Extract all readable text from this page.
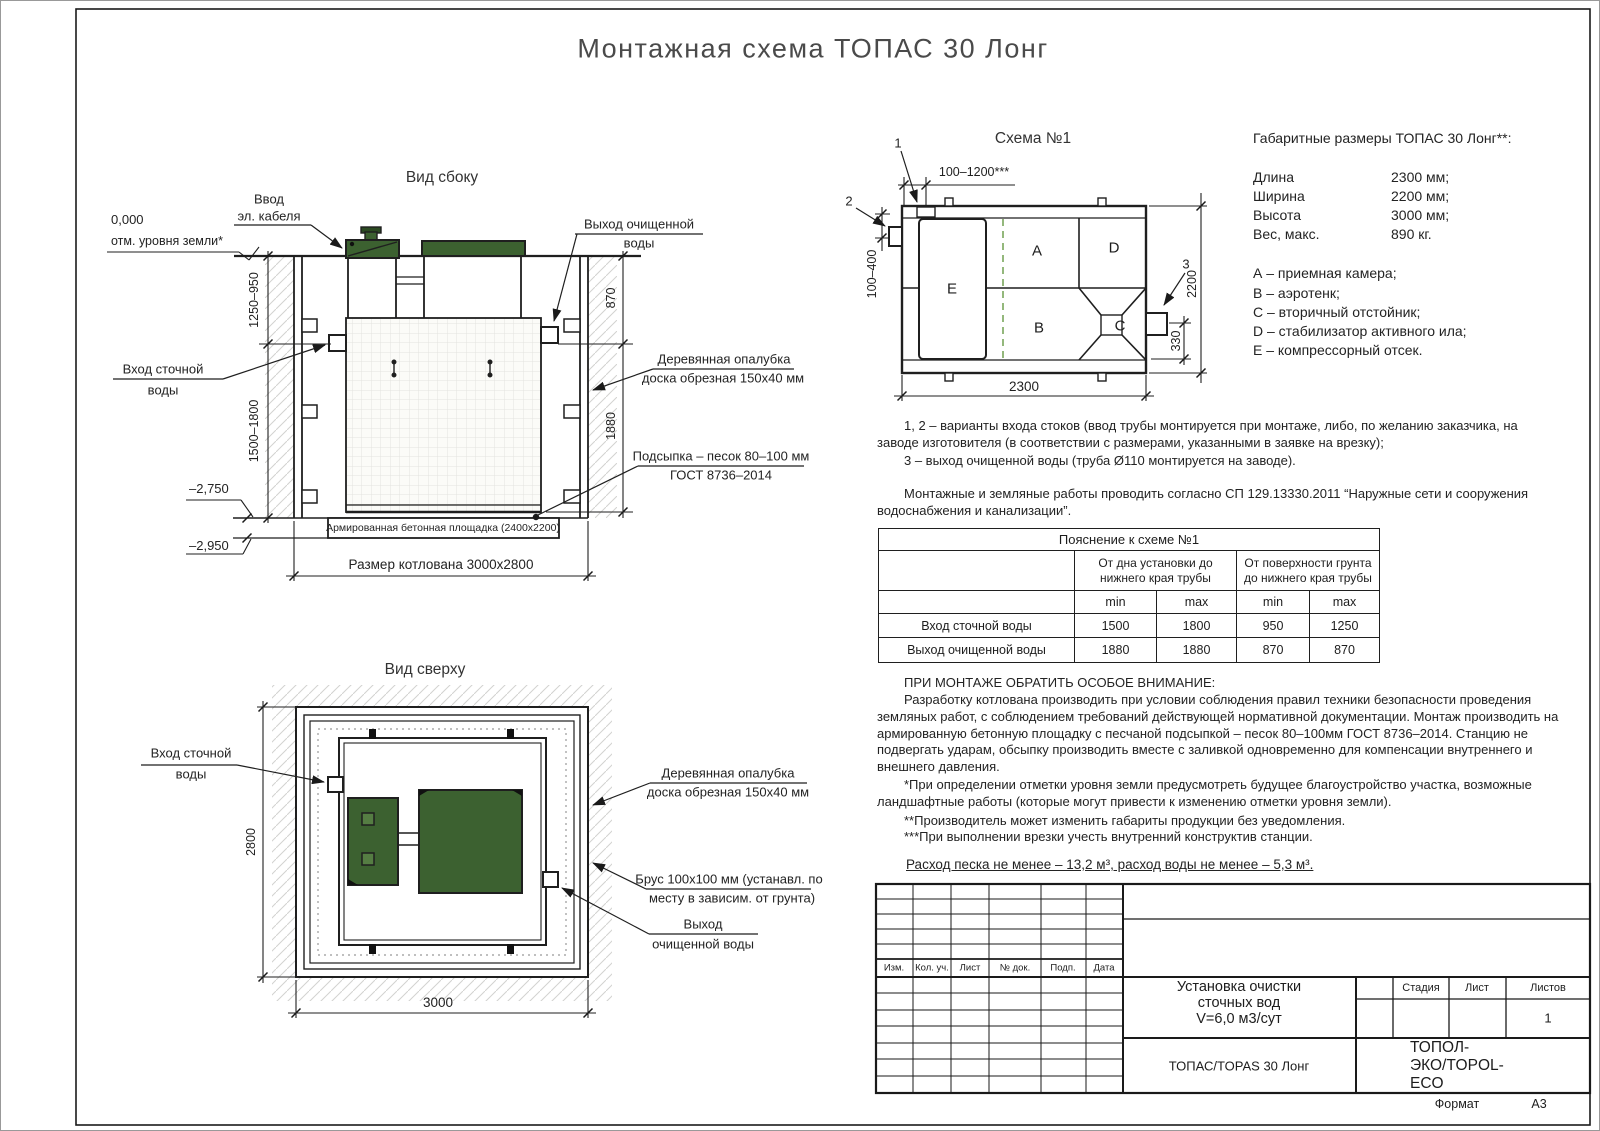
Монтажная схема ТОПАС 30 Лонг
Вид сбоку
0,000
отм. уровня земли*
Ввод
эл. кабеля
Вход сточной
воды
Выход очищенной
воды
Деревянная опалубка
доска обрезная 150х40 мм
Подсыпка – песок 80–100 мм
ГОСТ 8736–2014
Армированная бетонная площадка (2400х2200)
Размер котлована 3000х2800
–2,750
–2,950
1250–950
1500–1800
870
1880
Вид сверху
Вход сточной
воды	Деревянная опалубка
доска обрезная 150х40 мм
Брус 100х100 мм (устанавл. по
месту в зависим. от грунта)
Выход
очищенной воды
2800
3000
Схема №1
А
В	С
D
Е
1
2
3
100–1200***
100–400	2200
330
2300
Габаритные размеры ТОПАС 30 Лонг**:
Длина	2300 мм;
Ширина	2200 мм;
Высота	3000 мм;
Вес, макс.	890 кг.
А – приемная камера;
В – аэротенк;
С – вторичный отстойник;
D – стабилизатор активного ила;
Е – компрессорный отсек.
1, 2 – варианты входа стоков (ввод трубы монтируется при монтаже, либо, по желанию заказчика, на заводе изготовителя (в соответствии с размерами, указанными в заявке на врезку);
3 – выход очищенной воды (труба Ø110 монтируется на заводе).
Монтажные и земляные работы проводить согласно СП 129.13330.2011 “Наружные сети и сооружения водоснабжения и канализации”.
Пояснение к схеме №1				
	От дна установки до нижнего края трубы		От поверхности грунта до нижнего края трубы	
	min	max	min	max
Вход сточной воды	1500	1800	950	1250
Выход очищенной воды	1880	1880	870	870
ПРИ МОНТАЖЕ ОБРАТИТЬ ОСОБОЕ ВНИМАНИЕ:
Разработку котлована производить при условии соблюдения правил техники безопасности проведения земляных работ, с соблюдением требований действующей нормативной документации. Монтаж производить на армированную бетонную площадку с песчаной подсыпкой – песок 80–100мм ГОСТ 8736–2014. Станцию не подвергать ударам, обсыпку производить вместе с заливкой одновременно для компенсации внутреннего и внешнего давления.
*При определении отметки уровня земли предусмотреть будущее благоустройство участка, возможные ландшафтные работы (которые могут привести к изменению отметки уровня земли).
**Производитель может изменить габариты продукции без уведомления.
***При выполнении врезки учесть внутренний конструктив станции.
Расход песка не менее – 13,2 м³, расход воды не менее – 5,3 м³.
Изм. Кол. уч. Лист № док. Подп. Дата
Установка очистки
сточных вод
V=6,0 м3/сут
Стадия Лист	Листов
1
ТОПАС/TOPAS 30 Лонг
ТОПОЛ-ЭКО/TOPOL-ECO
Формат	А3
